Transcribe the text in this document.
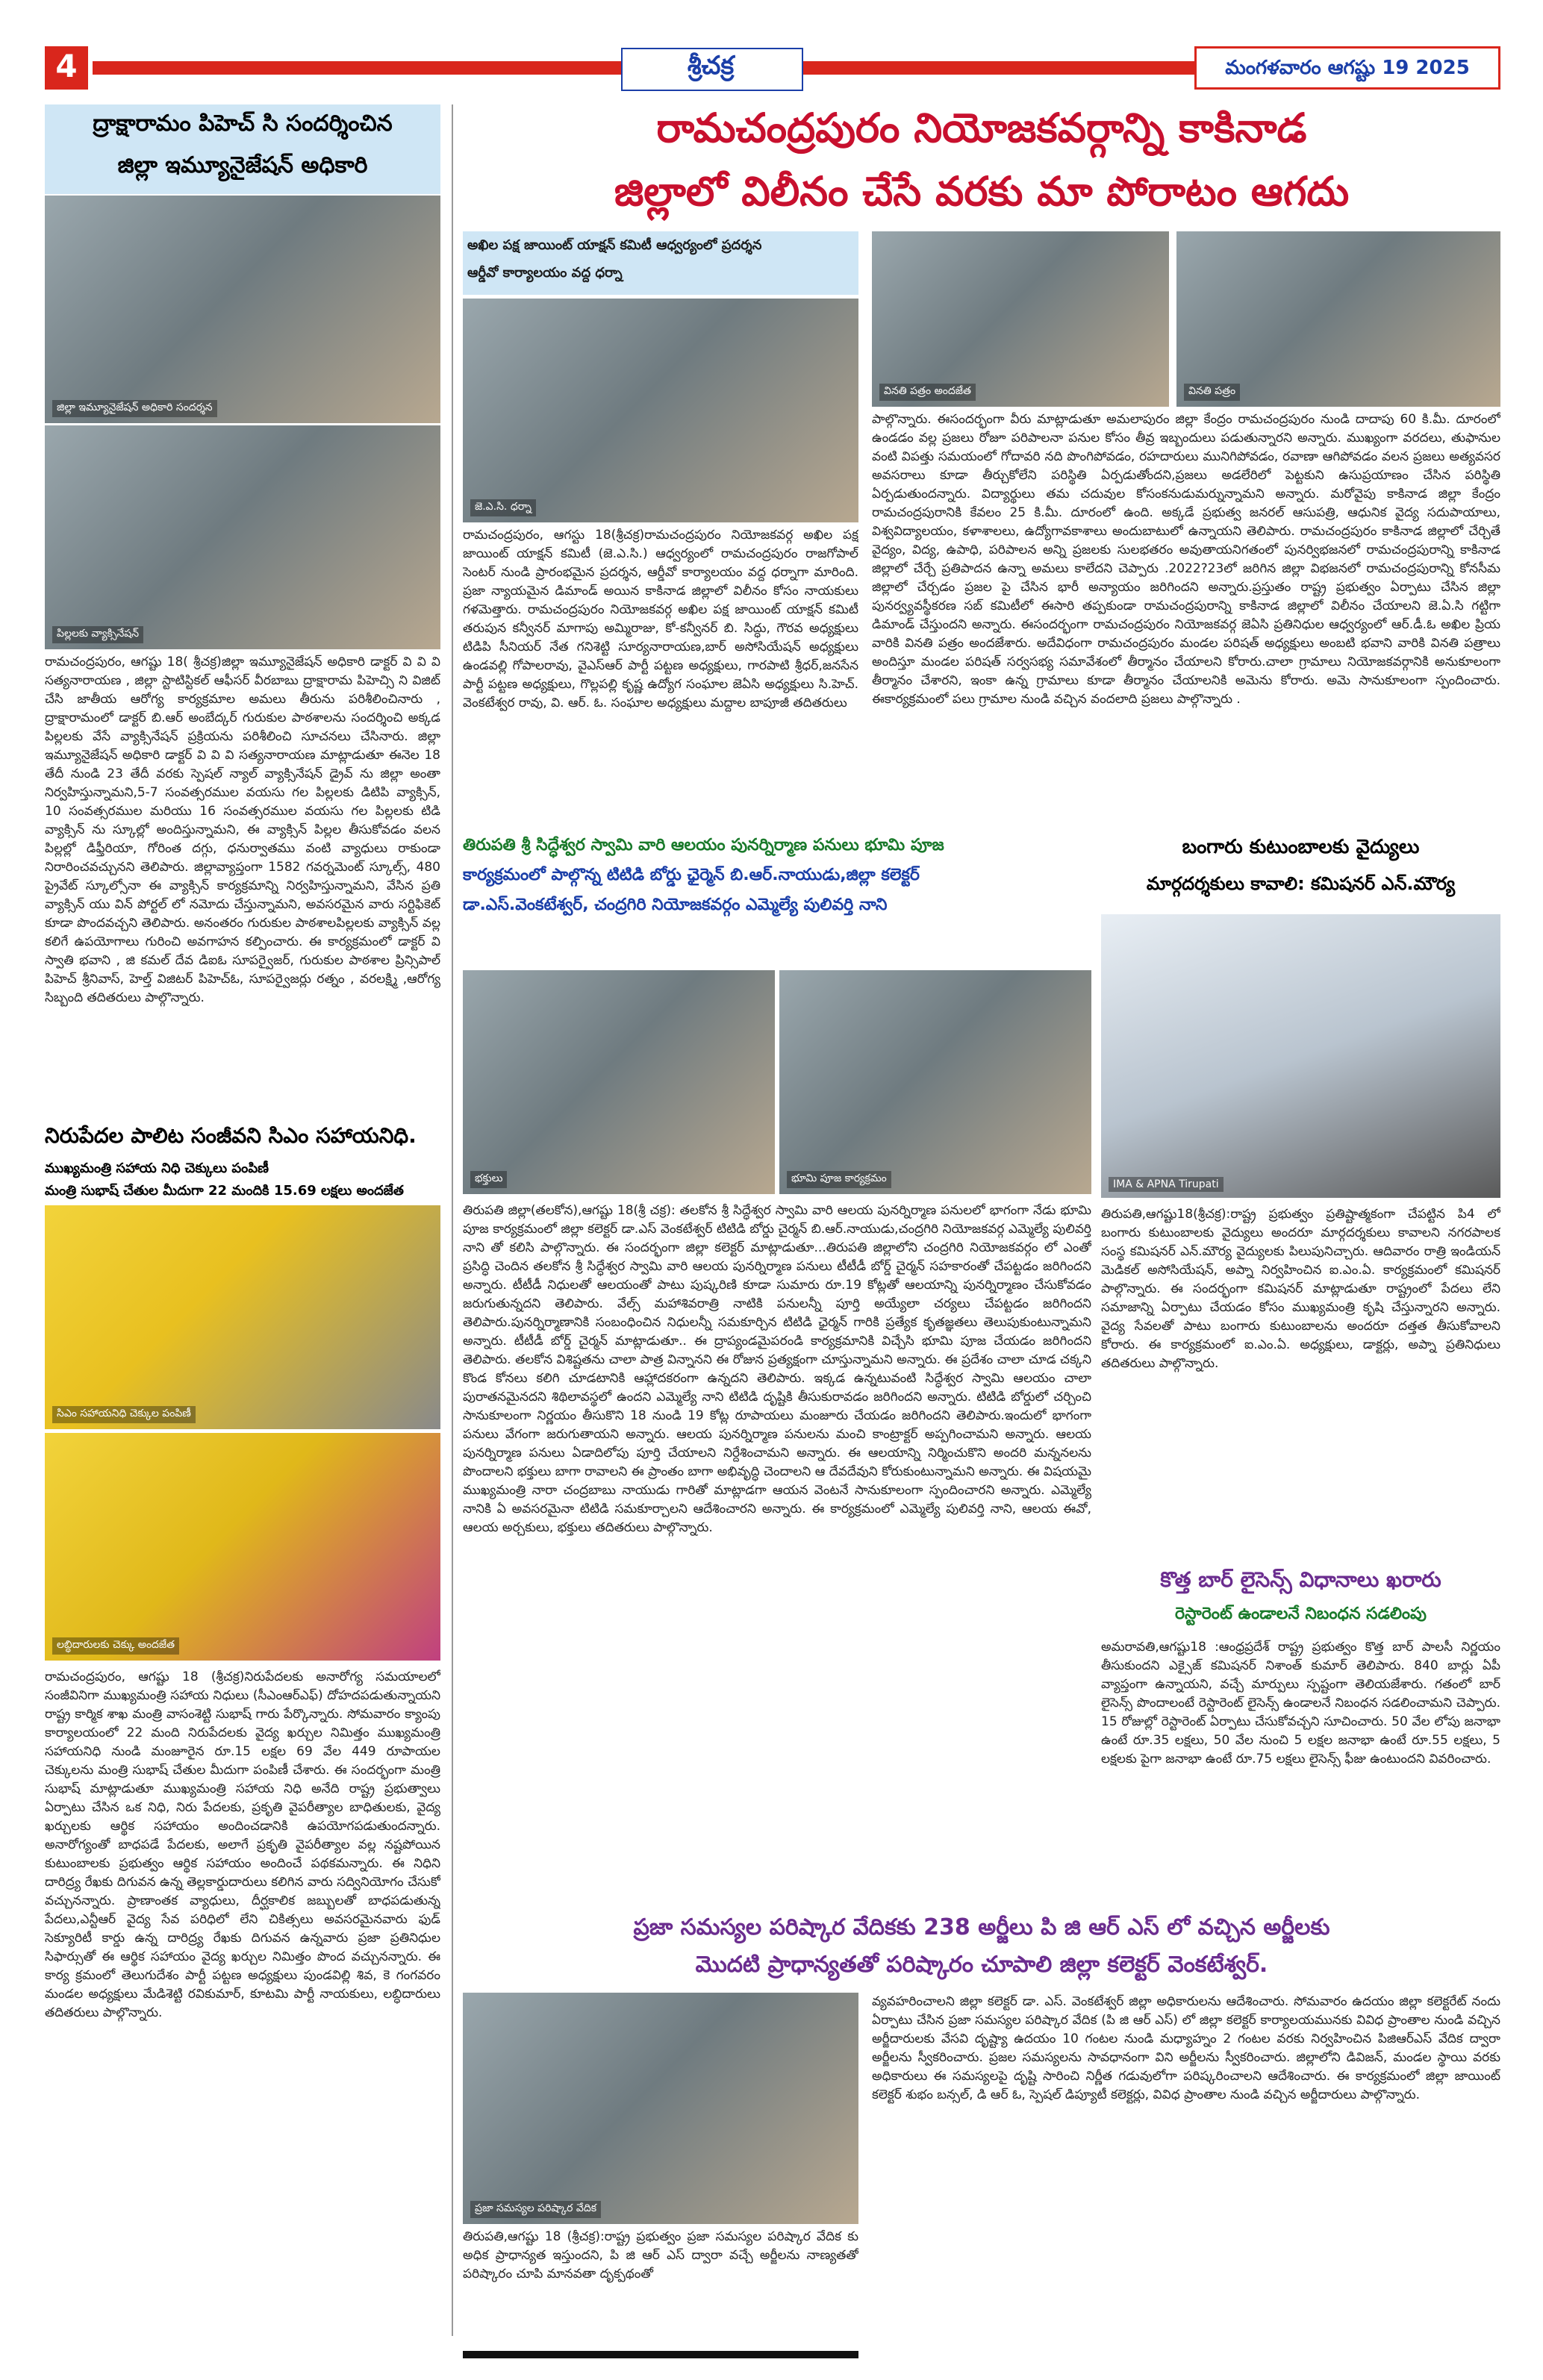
4	శ్రీచక్ర	మంగళవారం ఆగష్టు 19 2025
ద్రాక్షారామం పిహెచ్ సి సందర్శించిన
జిల్లా ఇమ్యూనైజేషన్ అధికారి
జిల్లా ఇమ్యూనైజేషన్ అధికారి సందర్శన
పిల్లలకు వ్యాక్సినేషన్
రామచంద్రపురం, ఆగష్టు 18( శ్రీచక్ర)జిల్లా ఇమ్యూనైజేషన్ అధికారి డాక్టర్ వి వి వి సత్యనారాయణ , జిల్లా స్టాటిస్టికల్ ఆఫీసర్ వీరబాబు ద్రాక్షారామ పిహెచ్సి ని విజిట్ చేసి జాతీయ ఆరోగ్య కార్యక్రమాల అమలు తీరును పరిశీలించినారు , ద్రాక్షారామంలో డాక్టర్ బి.ఆర్ అంబేద్కర్ గురుకుల పాఠశాలను సందర్శించి అక్కడ పిల్లలకు వేసే వ్యాక్సినేషన్ ప్రక్రియను పరిశీలించి సూచనలు చేసినారు. జిల్లా ఇమ్యూనైజేషన్ అధికారి డాక్టర్ వి వి వి సత్యనారాయణ మాట్లాడుతూ ఈనెల 18 తేదీ నుండి 23 తేదీ వరకు స్పెషల్ న్యాల్ వ్యాక్సినేషన్ డ్రైవ్ ను జిల్లా అంతా నిర్వహిస్తున్నామని,5-7 సంవత్సరముల వయసు గల పిల్లలకు డిటిపి వ్యాక్సిన్, 10 సంవత్సరముల మరియు 16 సంవత్సరముల వయసు గల పిల్లలకు టిడి వ్యాక్సిన్ ను స్కూల్లో అందిస్తున్నామని, ఈ వ్యాక్సిన్ పిల్లల తీసుకోవడం వలన పిల్లల్లో డిఫ్తీరియా, గోరింత దగ్గు, ధనుర్వాతము వంటి వ్యాధులు రాకుండా నిరారించవచ్చునని తెలిపారు. జిల్లావ్యాప్తంగా 1582 గవర్నమెంట్ స్కూల్స్, 480 ప్రైవేట్ స్కూల్సోనా ఈ వ్యాక్సిన్ కార్యక్రమాన్ని నిర్వహిస్తున్నామని, వేసిన ప్రతి వ్యాక్సిన్ యు విన్ పోర్టల్ లో నమోదు చేస్తున్నామని, అవసరమైన వారు సర్టిఫికెట్ కూడా పొందవచ్చని తెలిపారు. అనంతరం గురుకుల పాఠశాలపిల్లలకు వ్యాక్సిన్ వల్ల కలిగే ఉపయోగాలు గురించి అవగాహన కల్పించారు. ఈ కార్యక్రమంలో డాక్టర్ వి స్వాతి భవాని , జి కమల్ దేవ డిఐఓ సూపర్వైజర్, గురుకుల పాఠశాల ప్రిన్సిపాల్ పిహెచ్ శ్రీనివాస్, హెల్త్ విజిటర్ పిహెచ్ఓ, సూపర్వైజర్లు రత్నం , వరలక్ష్మి ,ఆరోగ్య సిబ్బంది తదితరులు పాల్గొన్నారు.
నిరుపేదల పాలిట సంజీవని సిఎం సహాయనిధి.
ముఖ్యమంత్రి సహాయ నిధి చెక్కులు పంపిణీ
మంత్రి సుభాష్ చేతుల మీదుగా 22 మందికి 15.69 లక్షలు అందజేత
సిఎం సహాయనిధి చెక్కుల పంపిణీ
లబ్ధిదారులకు చెక్కు అందజేత
రామచంద్రపురం, ఆగష్టు 18 (శ్రీచక్ర)నిరుపేదలకు అనారోగ్య సమయాలలో సంజీవినిగా ముఖ్యమంత్రి సహాయ నిధులు (సీఎంఆర్ఎఫ్) దోహదపడుతున్నాయని రాష్ట్ర కార్మిక శాఖ మంత్రి వాసంశెట్టి సుభాష్ గారు పేర్కొన్నారు. సోమవారం క్యాంపు కార్యాలయంలో 22 మంది నిరుపేదలకు వైద్య ఖర్చుల నిమిత్తం ముఖ్యమంత్రి సహాయనిధి నుండి మంజూరైన రూ.15 లక్షల 69 వేల 449 రూపాయల చెక్కులను మంత్రి సుభాష్ చేతుల మీదుగా పంపిణీ చేశారు. ఈ సందర్భంగా మంత్రి సుభాష్ మాట్లాడుతూ ముఖ్యమంత్రి సహాయ నిధి అనేది రాష్ట్ర ప్రభుత్వాలు ఏర్పాటు చేసిన ఒక నిధి, నిరు పేదలకు, ప్రకృతి వైపరీత్యాల బాధితులకు, వైద్య ఖర్చులకు ఆర్థిక సహాయం అందించడానికి ఉపయోగపడుతుందన్నారు. అనారోగ్యంతో బాధపడే పేదలకు, అలాగే ప్రకృతి వైపరీత్యాల వల్ల నష్టపోయిన కుటుంబాలకు ప్రభుత్వం ఆర్థిక సహాయం అందించే పథకమన్నారు. ఈ నిధిని దారిద్ర్య రేఖకు దిగువన ఉన్న తెల్లకార్డుదారులు కలిగిన వారు సద్వినియోగం చేసుకో వచ్చునన్నారు. ప్రాణాంతక వ్యాధులు, దీర్ఘకాలిక జబ్బులతో బాధపడుతున్న పేదలు,ఎన్టీఆర్ వైద్య సేవ పరిధిలో లేని చికిత్సలు అవసరమైనవారు ఫుడ్ సెక్యూరిటీ కార్డు ఉన్న దారిద్ర్య రేఖకు దిగువన ఉన్నవారు ప్రజా ప్రతినిధుల సిఫార్సుతో ఈ ఆర్థిక సహాయం వైద్య ఖర్చుల నిమిత్తం పొంద వచ్చునన్నారు. ఈ కార్య క్రమంలో తెలుగుదేశం పార్టీ పట్టణ అధ్యక్షులు పుండవిల్లి శివ, కె గంగవరం మండల అధ్యక్షులు మేడిశెట్టి రవికుమార్, కూటమి పార్టీ నాయకులు, లబ్ధిదారులు తదితరులు పాల్గొన్నారు.
రామచంద్రపురం నియోజకవర్గాన్ని కాకినాడ
జిల్లాలో విలీనం చేసే వరకు మా పోరాటం ఆగదు
అఖిల పక్ష జాయింట్ యాక్షన్ కమిటీ ఆధ్వర్యంలో ప్రదర్శన
ఆర్డీవో కార్యాలయం వద్ద ధర్నా
జె.ఎ.సి. ధర్నా
రామచంద్రపురం, ఆగస్టు 18(శ్రీచక్ర)రామచంద్రపురం నియోజకవర్గ అఖిల పక్ష జాయింట్ యాక్షన్ కమిటీ (జె.ఎ.సి.) ఆధ్వర్యంలో రామచంద్రపురం రాజగోపాల్ సెంటర్ నుండి ప్రారంభమైన ప్రదర్శన, ఆర్డీవో కార్యాలయం వద్ద ధర్నాగా మారింది. ప్రజా న్యాయమైన డిమాండ్ అయిన కాకినాడ జిల్లాలో విలీనం కోసం నాయకులు గళమెత్తారు. రామచంద్రపురం నియోజకవర్గ అఖిల పక్ష జాయింట్ యాక్షన్ కమిటీ తరుపున కన్వీనర్ మాగాపు అమ్మిరాజు, కో-కన్వీనర్ బి. సిద్ధు, గౌరవ అధ్యక్షులు టిడిపి సీనియర్ నేత గనిశెట్టి సూర్యనారాయణ,బార్ అసోసియేషన్ అధ్యక్షులు ఉండవల్లి గోపాలరావు, వైఎస్ఆర్ పార్టీ పట్టణ అధ్యక్షులు, గారపాటి శ్రీధర్,జనసేన పార్టీ పట్టణ అధ్యక్షులు, గొల్లపల్లి కృష్ణ ఉద్యోగ సంఘాల జెఏసి అధ్యక్షులు సి.హెచ్. వెంకటేశ్వర రావు, వి. ఆర్. ఓ. సంఘాల అధ్యక్షులు మద్దాల బాపూజీ తదితరులు
వినతి పత్రం అందజేత	వినతి పత్రం
పాల్గొన్నారు. ఈసందర్భంగా వీరు మాట్లాడుతూ అమలాపురం జిల్లా కేంద్రం రామచంద్రపురం నుండి దాదాపు 60 కి.మీ. దూరంలో ఉండడం వల్ల ప్రజలు రోజూ పరిపాలనా పనుల కోసం తీవ్ర ఇబ్బందులు పడుతున్నారని అన్నారు. ముఖ్యంగా వరదలు, తుఫానుల వంటి విపత్తు సమయంలో గోదావరి నది పొంగిపోవడం, రహదారులు మునిగిపోవడం, రవాణా ఆగిపోవడం వలన ప్రజలు అత్యవసర అవసరాలు కూడా తీర్చుకోలేని పరిస్థితి ఏర్పడుతోందని,ప్రజలు అడలేరిలో పెట్టకుని ఉసుప్రయాణం చేసిన పరిస్థితి ఏర్పడుతుందన్నారు. విద్యార్థులు తమ చదువుల కోసంకనుడుమర్నున్నామని అన్నారు. మరోవైపు కాకినాడ జిల్లా కేంద్రం రామచంద్రపురానికి కేవలం 25 కి.మీ. దూరంలో ఉంది. అక్కడే ప్రభుత్వ జనరల్ ఆసుపత్రి, ఆధునిక వైద్య సదుపాయాలు, విశ్వవిద్యాలయం, కళాశాలలు, ఉద్యోగావకాశాలు అందుబాటులో ఉన్నాయని తెలిపారు. రామచంద్రపురం కాకినాడ జిల్లాలో చేర్చితే వైద్యం, విద్య, ఉపాధి, పరిపాలన అన్ని ప్రజలకు సులభతరం అవుతాయనిగతంలో పునర్విభజనలో రామచంద్రపురాన్ని కాకినాడ జిల్లాలో చేర్చే ప్రతిపాదన ఉన్నా అమలు కాలేదని చెప్పారు .2022?23లో జరిగిన జిల్లా విభజనలో రామచంద్రపురాన్ని కోనసీమ జిల్లాలో చేర్చడం ప్రజల పై చేసిన భారీ అన్యాయం జరిగిందని అన్నారు.ప్రస్తుతం రాష్ట్ర ప్రభుత్వం ఏర్పాటు చేసిన జిల్లా పునర్వ్యవస్థీకరణ సబ్ కమిటీలో ఈసారి తప్పకుండా రామచంద్రపురాన్ని కాకినాడ జిల్లాలో విలీనం చేయాలని జె.ఏ.సి గట్టిగా డిమాండ్ చేస్తుందని అన్నారు. ఈసందర్భంగా రామచంద్రపురం నియోజకవర్గ జెఏసి ప్రతినిధుల ఆధ్వర్యంలో ఆర్.డీ.ఓ అఖిల ప్రియ వారికి వినతి పత్రం అందజేశారు. అదేవిధంగా రామచంద్రపురం మండల పరిషత్ అధ్యక్షులు అంబటి భవాని వారికి వినతి పత్రాలు అందిస్తూ మండల పరిషత్ సర్వసభ్య సమావేశంలో తీర్మానం చేయాలని కోరారు.చాలా గ్రామాలు నియోజకవర్గానికి అనుకూలంగా తీర్మానం చేశారని, ఇంకా ఉన్న గ్రామాలు కూడా తీర్మానం చేయాలనికి అమెను కోరారు. అమె సానుకూలంగా స్పందించారు. ఈకార్యక్రమంలో పలు గ్రామాల నుండి వచ్చిన వందలాది ప్రజలు పాల్గొన్నారు .
తిరుపతి శ్రీ సిద్ధేశ్వర స్వామి వారి ఆలయం పునర్నిర్మాణ పనులు భూమి పూజ
కార్యక్రమంలో పాల్గొన్న టిటిడి బోర్డు ఛైర్మెన్ బి.ఆర్.నాయుడు,జిల్లా కలెక్టర్
డా.ఎస్.వెంకటేశ్వర్, చంద్రగిరి నియోజకవర్గం ఎమ్మెల్యే పులివర్తి నాని
భక్తులు	భూమి పూజ కార్యక్రమం
తిరుపతి జిల్లా(తలకోన),ఆగష్టు 18(శ్రీ చక్ర): తలకోన శ్రీ సిద్ధేశ్వర స్వామి వారి ఆలయ పునర్నిర్మాణ పనులలో భాగంగా నేడు భూమి పూజ కార్యక్రమంలో జిల్లా కలెక్టర్ డా.ఎస్ వెంకటేశ్వర్ టిటిడి బోర్డు చైర్మన్ బి.ఆర్.నాయుడు,చంద్రగిరి నియోజకవర్గ ఎమ్మెల్యే పులివర్తి నాని తో కలిసి పాల్గొన్నారు. ఈ సందర్భంగా జిల్లా కలెక్టర్ మాట్లాడుతూ...తిరుపతి జిల్లాలోని చంద్రగిరి నియోజకవర్గం లో ఎంతో ప్రసిద్ధి చెందిన తలకోన శ్రీ సిద్ధేశ్వర స్వామి వారి ఆలయ పునర్నిర్మాణ పనులు టీటీడీ బోర్డ్ చైర్మన్ సహకారంతో చేపట్టడం జరిగిందని అన్నారు. టీటీడీ నిధులతో ఆలయంతో పాటు పుష్కరిణి కూడా సుమారు రూ.19 కోట్లతో ఆలయాన్ని పునర్నిర్మాణం చేసుకోవడం జరుగుతున్నదని తెలిపారు. వేల్స్ మహాశివరాత్రి నాటికి పనులన్నీ పూర్తి అయ్యేలా చర్యలు చేపట్టడం జరిగిందని తెలిపారు.పునర్నిర్మాణానికి సంబంధించిన నిధులన్నీ సమకూర్చిన టిటిడి ఛైర్మన్ గారికి ప్రత్యేక కృతజ్ఞతలు తెలుపుకుంటున్నామని అన్నారు. టీటీడీ బోర్డ్ చైర్మన్ మాట్లాడుతూ.. ఈ ద్రాప్యండమైపరండి కార్యక్రమానికి విచ్చేసి భూమి పూజ చేయడం జరిగిందని తెలిపారు. తలకోన విశిష్టతను చాలా పాత్ర విన్నానని ఈ రోజున ప్రత్యక్షంగా చూస్తున్నామని అన్నారు. ఈ ప్రదేశం చాలా చూడ చక్కని కొండ కోనలు కలిగి చూడటానికి ఆహ్లాదకరంగా ఉన్నదని తెలిపారు. ఇక్కడ ఉన్నటువంటి సిద్ధేశ్వర స్వామి ఆలయం చాలా పురాతనమైనదని శిథిలావస్థలో ఉందని ఎమ్మెల్యే నాని టిటిడి దృష్టికి తీసుకురావడం జరిగిందని అన్నారు. టిటిడి బోర్డులో చర్చించి సానుకూలంగా నిర్ణయం తీసుకొని 18 నుండి 19 కోట్ల రూపాయలు మంజూరు చేయడం జరిగిందని తెలిపారు.ఇందులో భాగంగా పనులు వేగంగా జరుగుతాయని అన్నారు. ఆలయ పునర్నిర్మాణ పనులను మంచి కాంట్రాక్టర్ అప్పగించామని అన్నారు. ఆలయ పునర్నిర్మాణ పనులు ఏడాదిలోపు పూర్తి చేయాలని నిర్దేశించామని అన్నారు. ఈ ఆలయాన్ని నిర్మించుకొని అందరి మన్ననలను పొందాలని భక్తులు బాగా రావాలని ఈ ప్రాంతం బాగా అభివృద్ధి చెందాలని ఆ దేవదేవుని కోరుకుంటున్నామని అన్నారు. ఈ విషయమై ముఖ్యమంత్రి నారా చంద్రబాబు నాయుడు గారితో మాట్లాడగా ఆయన వెంటనే సానుకూలంగా స్పందించారని అన్నారు. ఎమ్మెల్యే నానికి ఏ అవసరమైనా టిటిడి సమకూర్చాలని ఆదేశించారని అన్నారు. ఈ కార్యక్రమంలో ఎమ్మెల్యే పులివర్తి నాని, ఆలయ ఈవో, ఆలయ అర్చకులు, భక్తులు తదితరులు పాల్గొన్నారు.
బంగారు కుటుంబాలకు వైద్యులు
మార్గదర్శకులు కావాలి: కమిషనర్ ఎన్.మౌర్య
IMA & APNA Tirupati
తిరుపతి,ఆగష్టు18(శ్రీచక్ర):రాష్ట్ర ప్రభుత్వం ప్రతిష్టాత్మకంగా చేపట్టిన పి4 లో బంగారు కుటుంబాలకు వైద్యులు అందరూ మార్గదర్శకులు కావాలని నగరపాలక సంస్థ కమిషనర్ ఎన్.మౌర్య వైద్యులకు పిలుపునిచ్చారు. ఆదివారం రాత్రి ఇండియన్ మెడికల్ అసోసియేషన్, అప్నా నిర్వహించిన ఐ.ఎం.ఏ. కార్యక్రమంలో కమిషనర్ పాల్గొన్నారు. ఈ సందర్భంగా కమిషనర్ మాట్లాడుతూ రాష్ట్రంలో పేదలు లేని సమాజాన్ని ఏర్పాటు చేయడం కోసం ముఖ్యమంత్రి కృషి చేస్తున్నారని అన్నారు. వైద్య సేవలతో పాటు బంగారు కుటుంబాలను అందరూ దత్తత తీసుకోవాలని కోరారు. ఈ కార్యక్రమంలో ఐ.ఎం.ఏ. అధ్యక్షులు, డాక్టర్లు, అప్నా ప్రతినిధులు తదితరులు పాల్గొన్నారు.
కొత్త బార్ లైసెన్స్ విధానాలు ఖరారు
రెస్టారెంట్ ఉండాలనే నిబంధన సడలింపు
అమరావతి,ఆగష్టు18 :ఆంధ్రప్రదేశ్ రాష్ట్ర ప్రభుత్వం కొత్త బార్ పాలసీ నిర్ణయం తీసుకుందని ఎక్సైజ్ కమిషనర్ నిశాంత్ కుమార్ తెలిపారు. 840 బార్లు ఏపీ వ్యాప్తంగా ఉన్నాయని, వచ్చే మార్పులు స్పష్టంగా తెలియజేశారు. గతంలో బార్ లైసెన్స్ పొందాలంటే రెస్టారెంట్ లైసెన్స్ ఉండాలనే నిబంధన సడలించామని చెప్పారు. 15 రోజుల్లో రెస్టారెంట్ ఏర్పాటు చేసుకోవచ్చని సూచించారు. 50 వేల లోపు జనాభా ఉంటే రూ.35 లక్షలు, 50 వేల నుంచి 5 లక్షల జనాభా ఉంటే రూ.55 లక్షలు, 5 లక్షలకు పైగా జనాభా ఉంటే రూ.75 లక్షలు లైసెన్స్ ఫీజు ఉంటుందని వివరించారు.
ప్రజా సమస్యల పరిష్కార వేదికకు 238 అర్జీలు పి జి ఆర్ ఎస్ లో వచ్చిన అర్జీలకు
మొదటి ప్రాధాన్యతతో పరిష్కారం చూపాలి జిల్లా కలెక్టర్ వెంకటేశ్వర్.
ప్రజా సమస్యల పరిష్కార వేదిక
తిరుపతి,ఆగష్టు 18 (శ్రీచక్ర):రాష్ట్ర ప్రభుత్వం ప్రజా సమస్యల పరిష్కార వేదిక కు అధిక ప్రాధాన్యత ఇస్తుందని, పి జి ఆర్ ఎస్ ద్వారా వచ్చే అర్జీలను నాణ్యతతో పరిష్కారం చూపి మానవతా దృక్పథంతో
వ్యవహరించాలని జిల్లా కలెక్టర్ డా. ఎస్. వెంకటేశ్వర్ జిల్లా అధికారులను ఆదేశించారు. సోమవారం ఉదయం జిల్లా కలెక్టరేట్ నందు ఏర్పాటు చేసిన ప్రజా సమస్యల పరిష్కార వేదిక (పి జి ఆర్ ఎస్) లో జిల్లా కలెక్టర్ కార్యాలయమునకు వివిధ ప్రాంతాల నుండి వచ్చిన అర్జీదారులకు వేసవి దృష్ట్యా ఉదయం 10 గంటల నుండి మధ్యాహ్నం 2 గంటల వరకు నిర్వహించిన పిజిఆర్ఎస్ వేదిక ద్వారా అర్జీలను స్వీకరించారు. ప్రజల సమస్యలను సావధానంగా విని అర్జీలను స్వీకరించారు. జిల్లాలోని డివిజన్, మండల స్థాయి వరకు అధికారులు ఈ సమస్యలపై దృష్టి సారించి నిర్ణీత గడువులోగా పరిష్కరించాలని ఆదేశించారు. ఈ కార్యక్రమంలో జిల్లా జాయింట్ కలెక్టర్ శుభం బన్సల్, డి ఆర్ ఓ, స్పెషల్ డిప్యూటీ కలెక్టర్లు, వివిధ ప్రాంతాల నుండి వచ్చిన అర్జీదారులు పాల్గొన్నారు.
